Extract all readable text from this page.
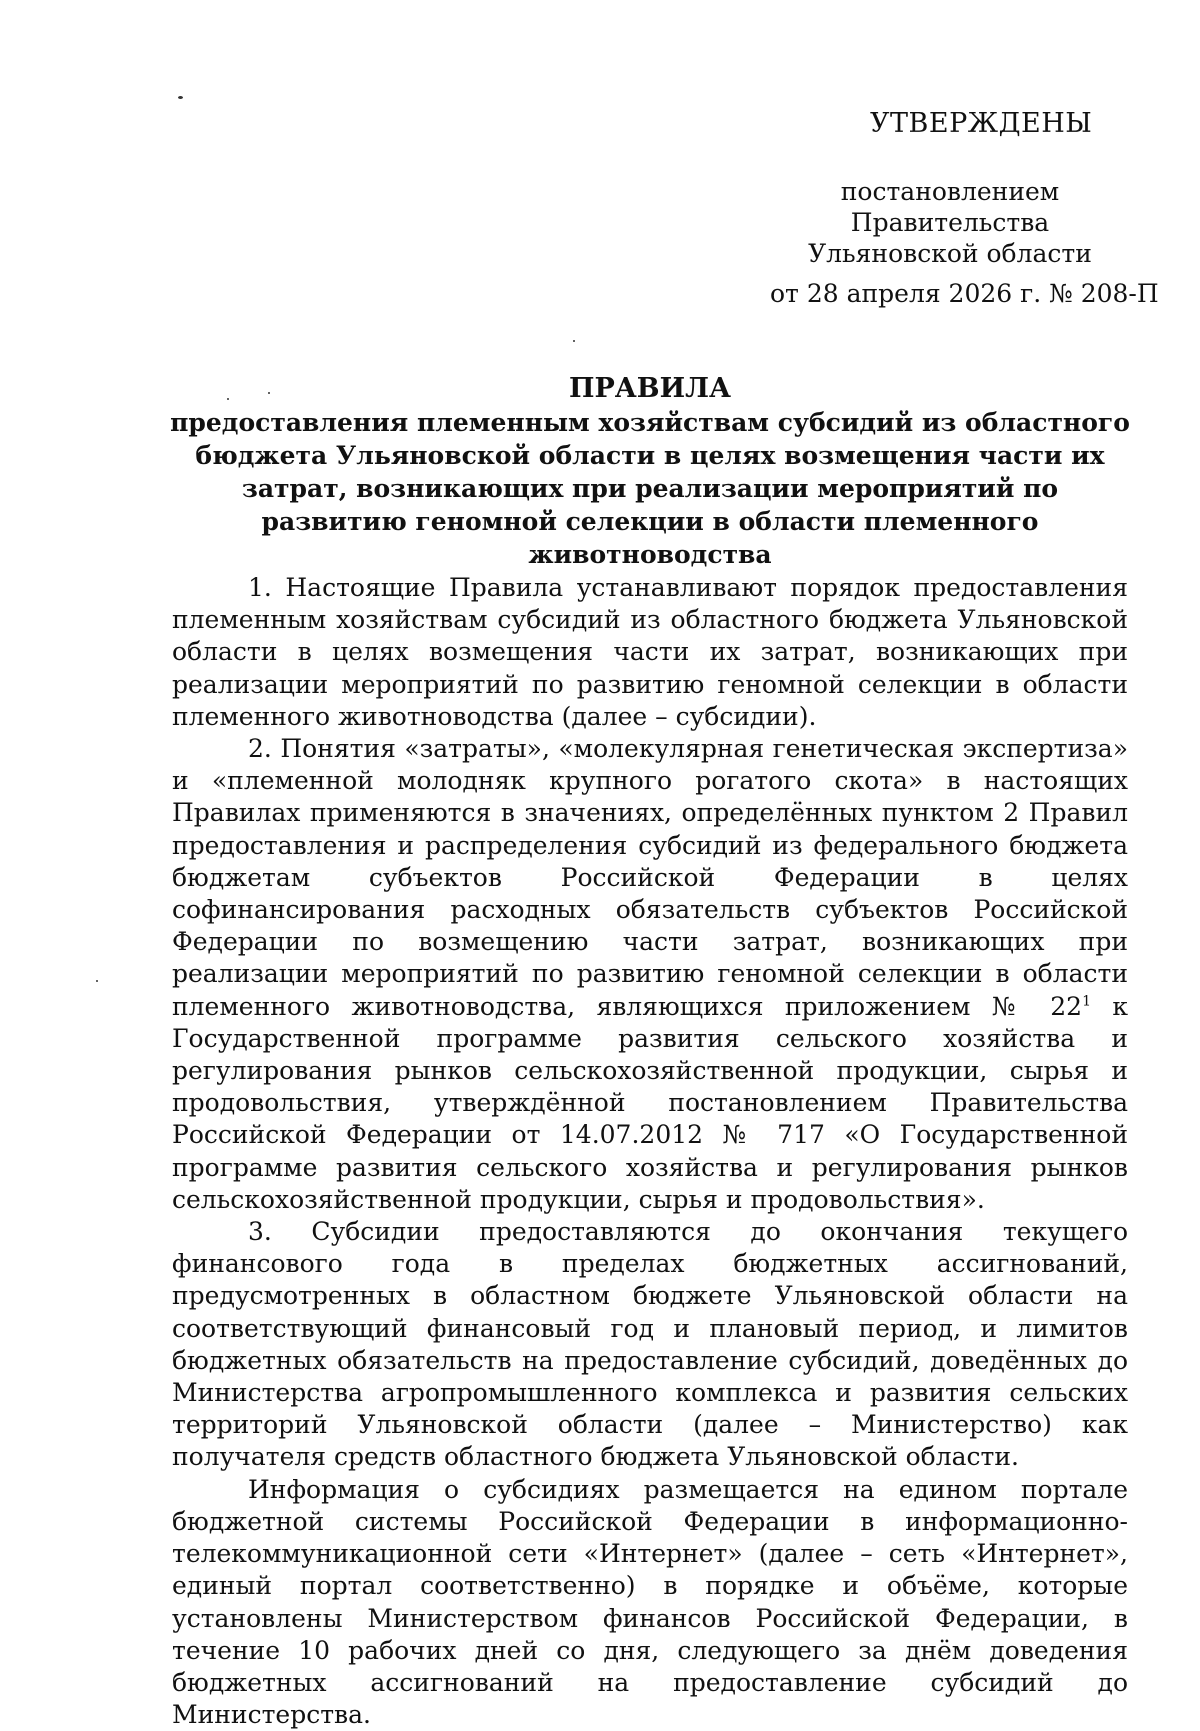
УТВЕРЖДЕНЫ
постановлением Правительства
Ульяновской области
от 28 апреля 2026 г. № 208-П
ПРАВИЛА
предоставления племенным хозяйствам субсидий из областного бюджета Ульяновской области в целях возмещения части их затрат, возникающих при реализации мероприятий по развитию геномной селекции в области племенного животноводства

1. Настоящие Правила устанавливают порядок предоставления племенным хозяйствам субсидий из областного бюджета Ульяновской области в целях возмещения части их затрат, возникающих при реализации мероприятий по развитию геномной селекции в области племенного животноводства (далее – субсидии).

2. Понятия «затраты», «молекулярная генетическая экспертиза» и «племенной молодняк крупного рогатого скота» в настоящих Правилах применяются в значениях, определённых пунктом 2 Правил предоставления и распределения субсидий из федерального бюджета бюджетам субъектов Российской Федерации в целях софинансирования расходных обязательств субъектов Российской Федерации по возмещению части затрат, возникающих при реализации мероприятий по развитию геномной селекции в области племенного животноводства, являющихся приложением № $22^1$ к Государственной программе развития сельского хозяйства и регулирования рынков сельскохозяйственной продукции, сырья и продовольствия, утверждённой постановлением Правительства Российской Федерации от 14.07.2012 № 717 «О Государственной программе развития сельского хозяйства и регулирования рынков сельскохозяйственной продукции, сырья и продовольствия».

3. Субсидии предоставляются до окончания текущего финансового года в пределах бюджетных ассигнований, предусмотренных в областном бюджете Ульяновской области на соответствующий финансовый год и плановый период, и лимитов бюджетных обязательств на предоставление субсидий, доведённых до Министерства агропромышленного комплекса и развития сельских территорий Ульяновской области (далее – Министерство) как получателя средств областного бюджета Ульяновской области.

Информация о субсидиях размещается на едином портале бюджетной системы Российской Федерации в информационно-телекоммуникационной сети «Интернет» (далее – сеть «Интернет», единый портал соответственно) в порядке и объёме, которые установлены Министерством финансов Российской Федерации, в течение 10 рабочих дней со дня, следующего за днём доведения бюджетных ассигнований на предоставление субсидий до Министерства.
